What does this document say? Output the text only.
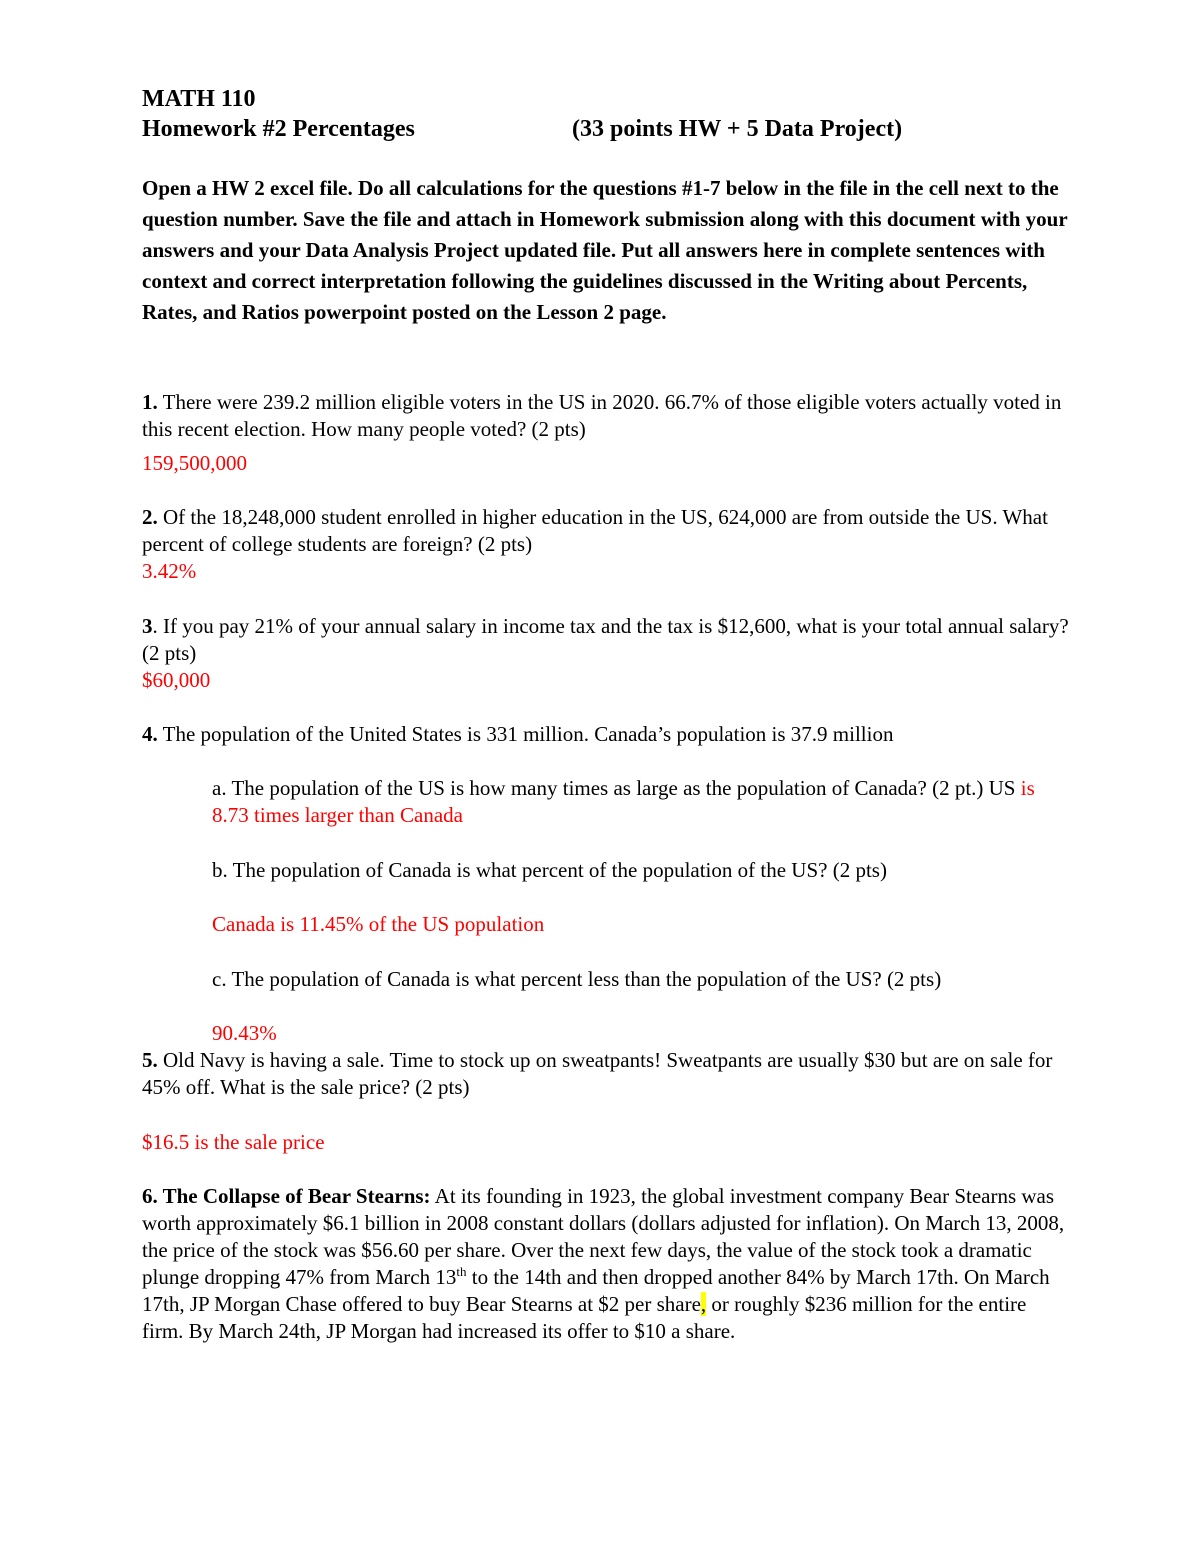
MATH 110
Homework #2 Percentages	(33 points HW + 5 Data Project)

Open a HW 2 excel file. Do all calculations for the questions #1-7 below in the file in the cell next to the question number. Save the file and attach in Homework submission along with this document with your answers and your Data Analysis Project updated file. Put all answers here in complete sentences with context and correct interpretation following the guidelines discussed in the Writing about Percents, Rates, and Ratios powerpoint posted on the Lesson 2 page.

1. There were 239.2 million eligible voters in the US in 2020. 66.7% of those eligible voters actually voted in this recent election. How many people voted? (2 pts)

159,500,000

2. Of the 18,248,000 student enrolled in higher education in the US, 624,000 are from outside the US. What percent of college students are foreign? (2 pts)

3.42%

3. If you pay 21% of your annual salary in income tax and the tax is $12,600, what is your total annual salary? (2 pts)

$60,000

4. The population of the United States is 331 million. Canada’s population is 37.9 million

a. The population of the US is how many times as large as the population of Canada? (2 pt.) US is 8.73 times larger than Canada

b. The population of Canada is what percent of the population of the US? (2 pts)

Canada is 11.45% of the US population

c. The population of Canada is what percent less than the population of the US? (2 pts)

90.43%

5. Old Navy is having a sale. Time to stock up on sweatpants! Sweatpants are usually $30 but are on sale for 45% off. What is the sale price? (2 pts)

$16.5 is the sale price

6. The Collapse of Bear Stearns: At its founding in 1923, the global investment company Bear Stearns was worth approximately $6.1 billion in 2008 constant dollars (dollars adjusted for inflation). On March 13, 2008, the price of the stock was $56.60 per share. Over the next few days, the value of the stock took a dramatic plunge dropping 47% from March 13th to the 14th and then dropped another 84% by March 17th. On March 17th, JP Morgan Chase offered to buy Bear Stearns at $2 per share, or roughly $236 million for the entire firm. By March 24th, JP Morgan had increased its offer to $10 a share.
